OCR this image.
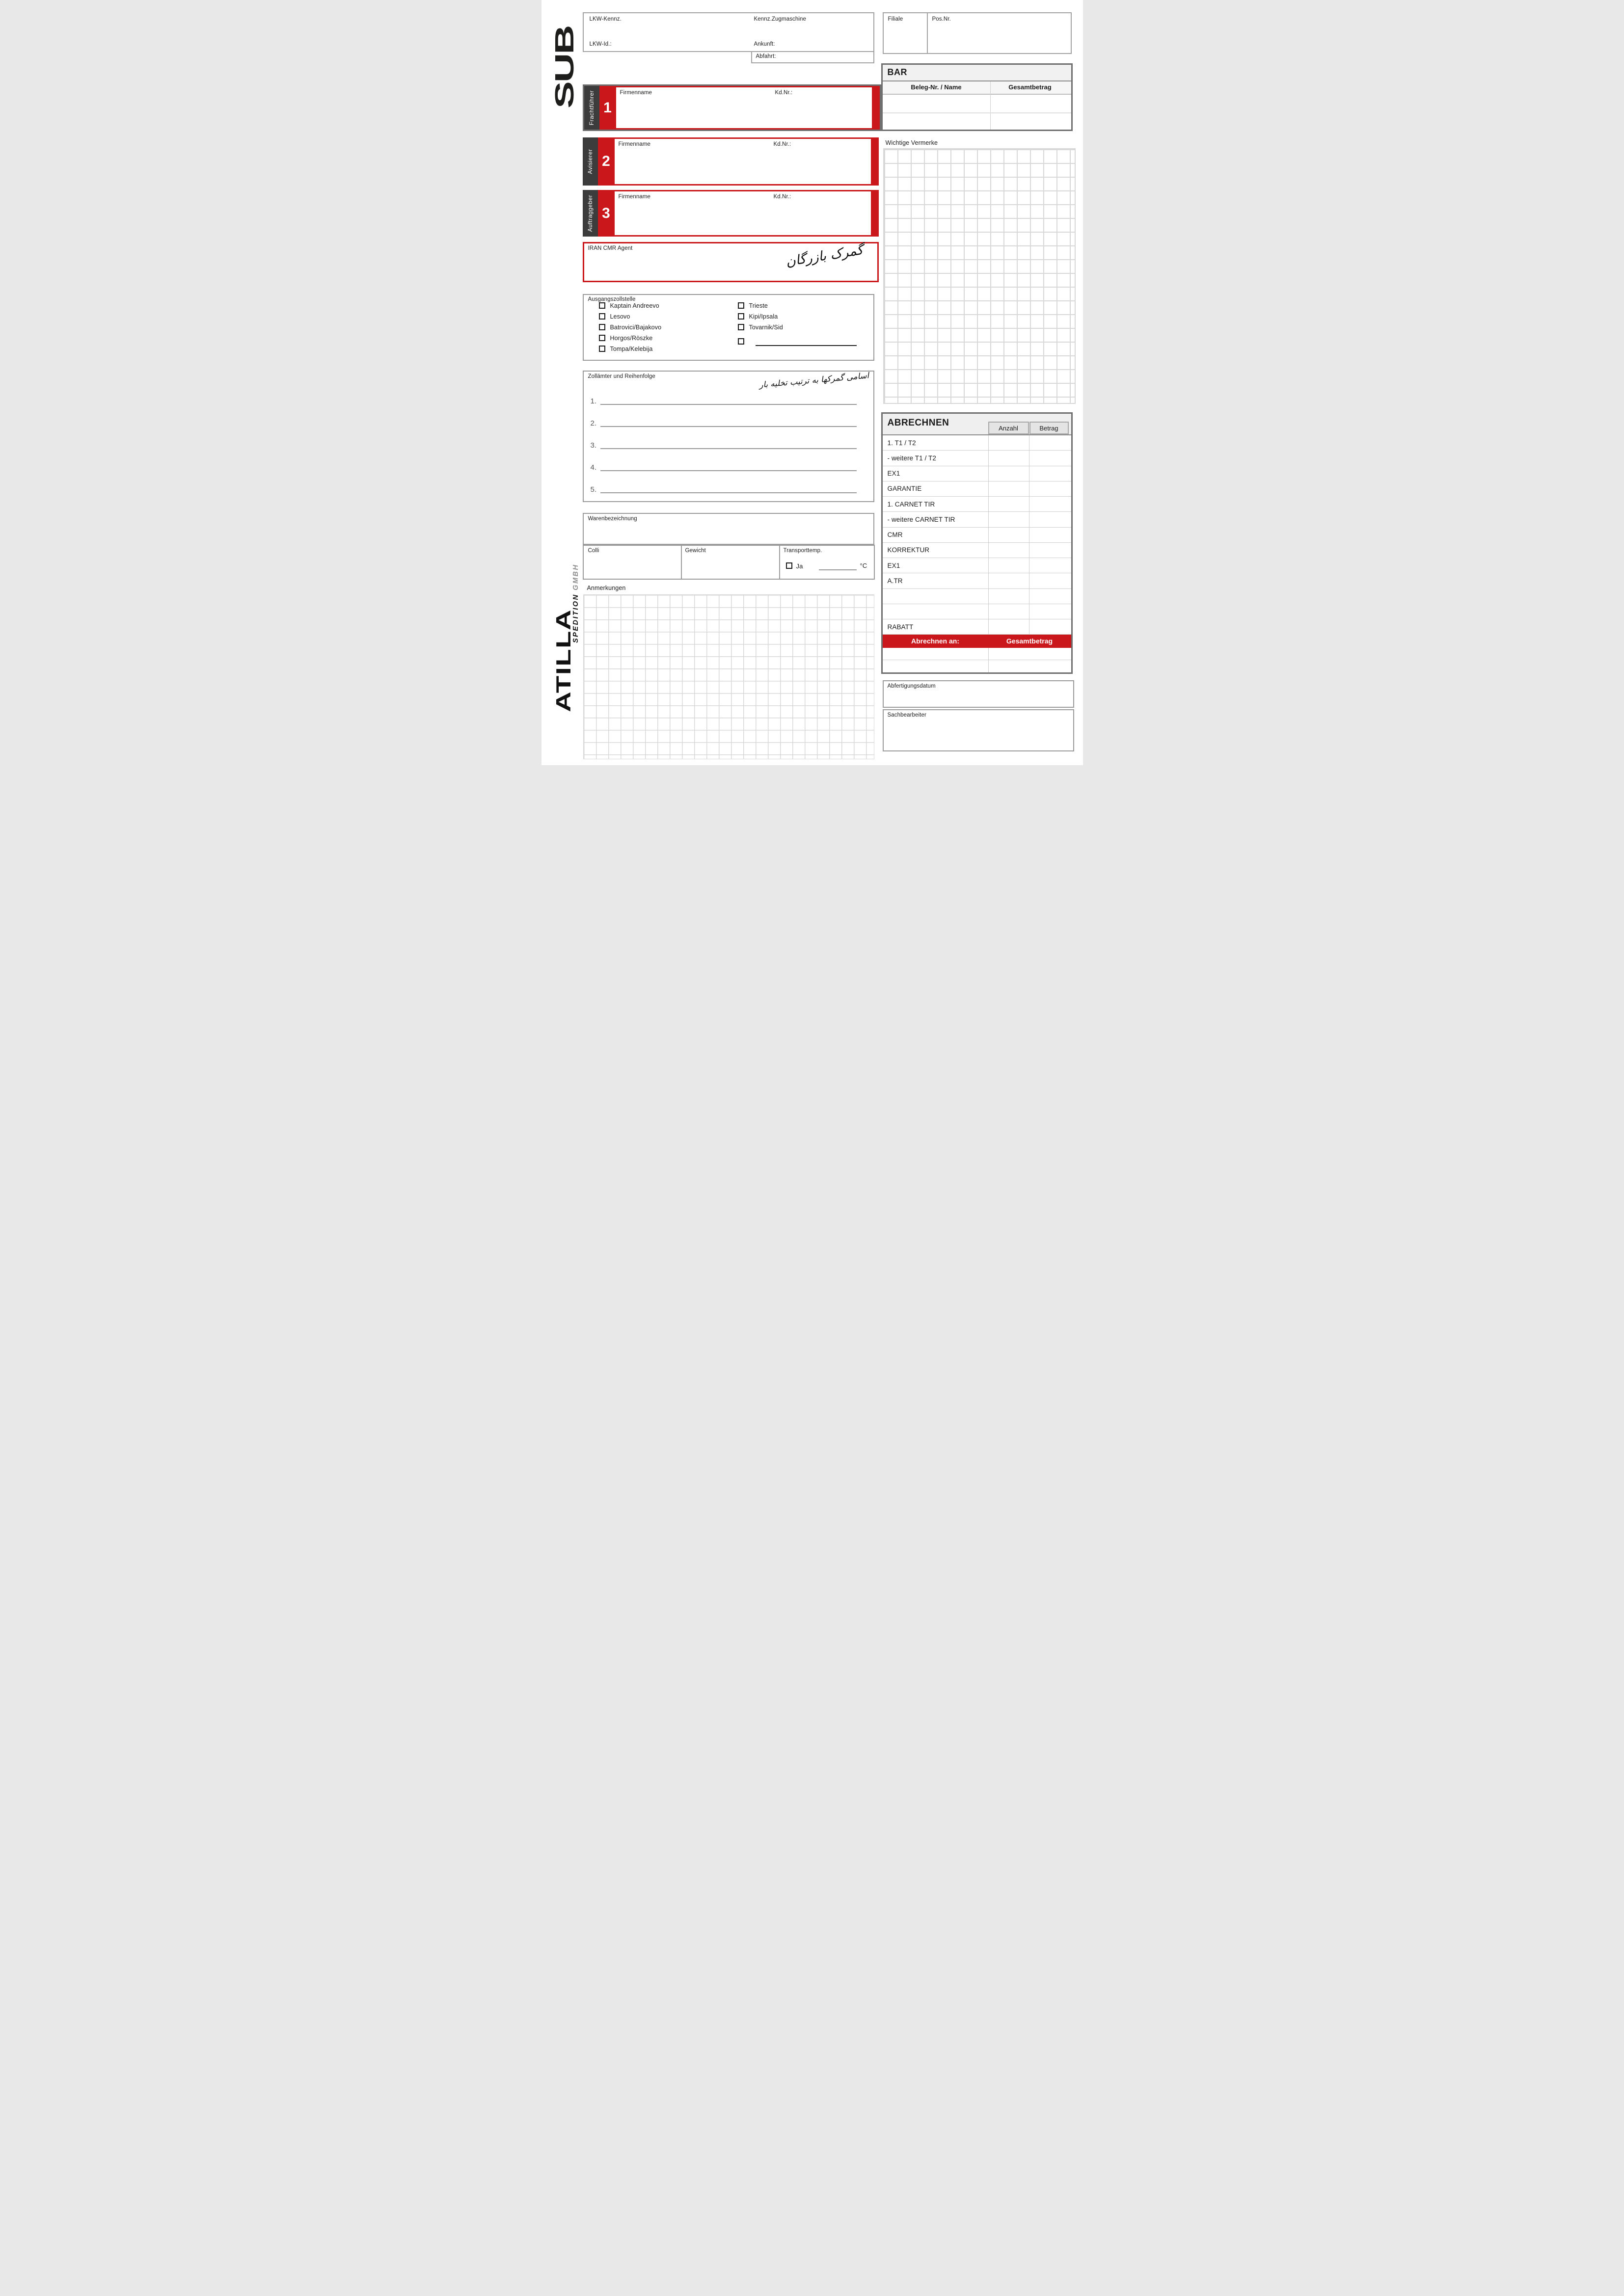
SUB
ATILLA
SPEDITION GMBH
LKW-Kennz.	Kennz.Zugmaschine
LKW-Id.:	Ankunft:
Abfahrt:
Filiale	Pos.Nr.
BAR
Beleg-Nr. / Name	Gesamtbetrag
Frachtführer 1
Firmenname	Kd.Nr.:
Avisierer 2
Firmenname	Kd.Nr.:
Auftraggeber 3
Firmenname	Kd.Nr.:
IRAN CMR Agent	گمرک بازرگان
Ausgangszollstelle
Kaptain Andreevo
Lesovo
Batrovici/Bajakovo
Horgos/Röszke
Tompa/Kelebija
Trieste
Kipi/Ipsala
Tovarnik/Sid
Zollämter und Reihenfolge	اسامی گمرکها به ترتیب تخلیه بار
1.
2.
3.
4.
5.
Wichtige Vermerke
Warenbezeichnung
Colli	Gewicht	Transporttemp.
Ja	°C
Anmerkungen
ABRECHNEN	Anzahl	Betrag
1. T1 / T2
- weitere T1 / T2
EX1
GARANTIE
1. CARNET TIR
- weitere CARNET TIR
CMR
KORREKTUR
EX1
A.TR
RABATT
Abrechnen an:	Gesamtbetrag
Abfertigungsdatum
Sachbearbeiter
